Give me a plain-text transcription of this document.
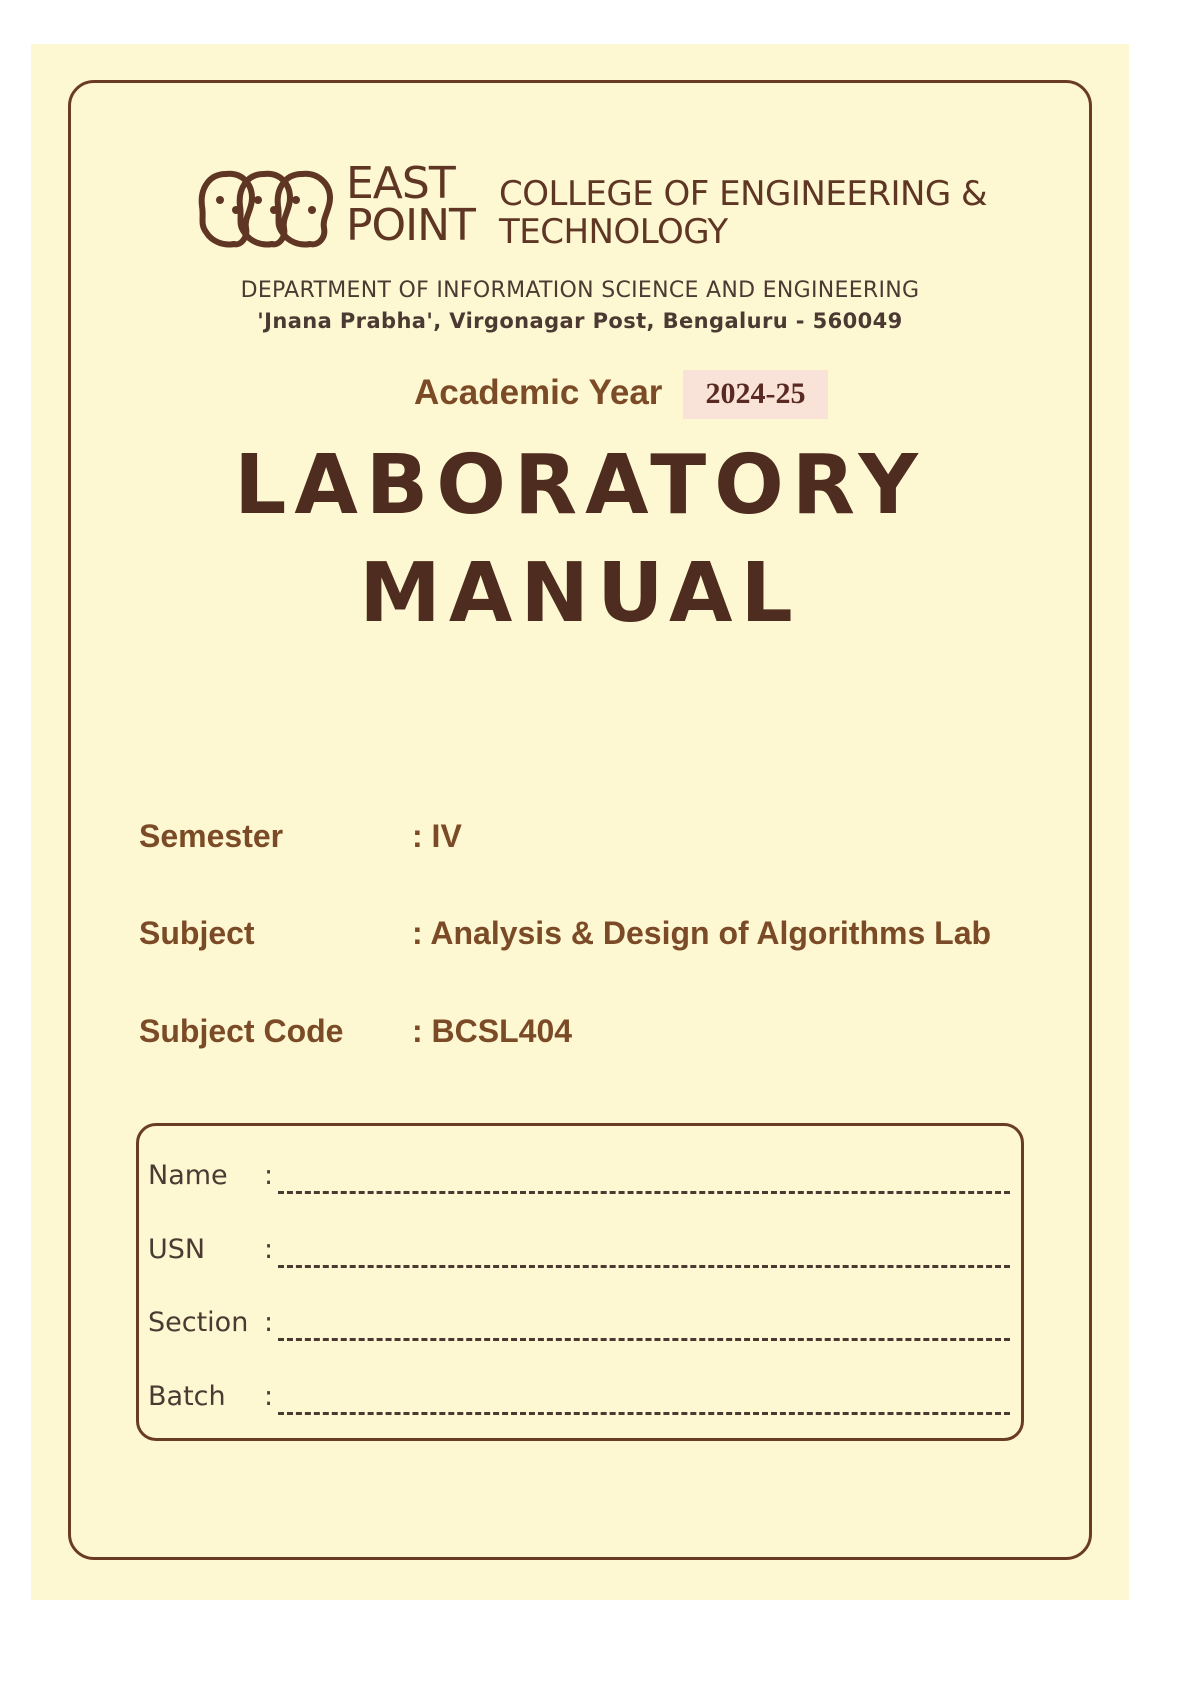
EAST
POINT
COLLEGE OF ENGINEERING &
TECHNOLOGY
DEPARTMENT OF INFORMATION SCIENCE AND ENGINEERING
'Jnana Prabha', Virgonagar Post, Bengaluru - 560049
Academic Year	2024-25
LABORATORY
MANUAL
Semester	: IV
Subject	: Analysis & Design of Algorithms Lab
Subject Code : BCSL404
Name :
USN :
Section :
Batch :
